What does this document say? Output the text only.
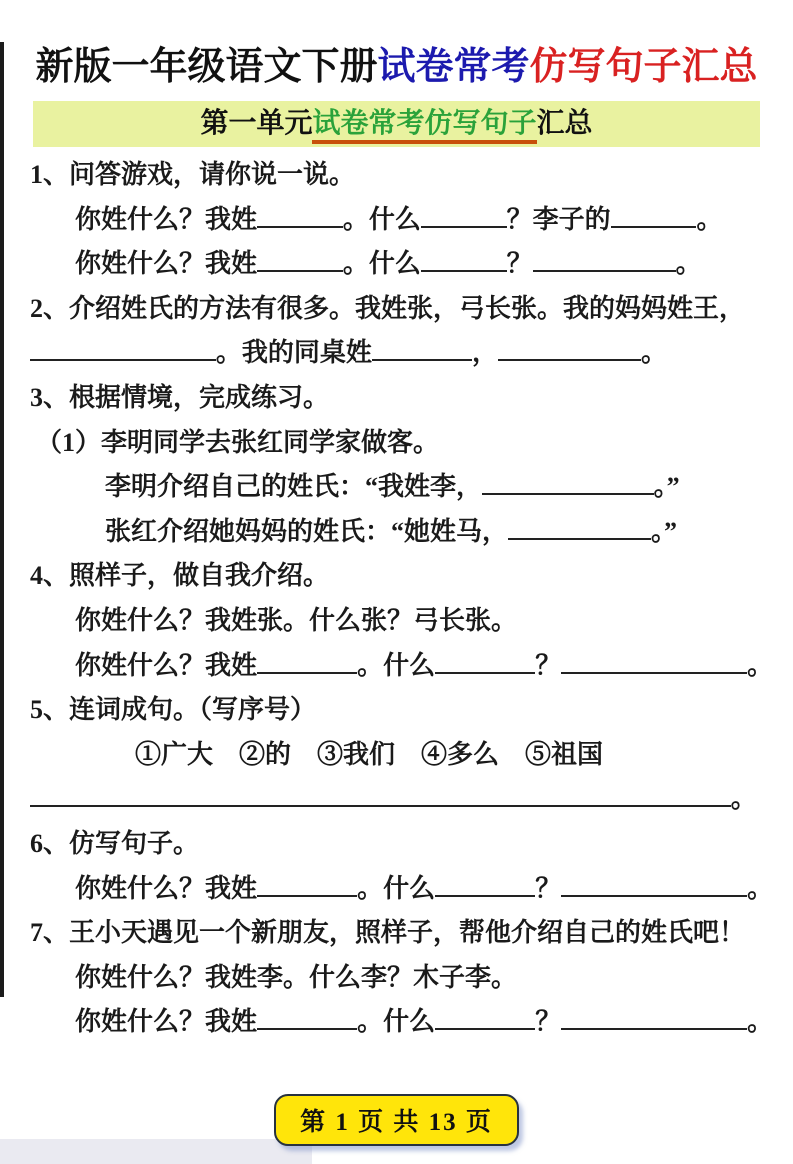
新版一年级语文下册试卷常考仿写句子汇总
第一单元试卷常考仿写句子汇总
1、问答游戏，请你说一说。
你姓什么？我姓	。什么	？李子的	。
你姓什么？我姓	。什么	？	。
2、介绍姓氏的方法有很多。我姓张，弓长张。我的妈妈姓王，
。我的同桌姓	，	。
3、根据情境，完成练习。
（1）李明同学去张红同学家做客。
李明介绍自己的姓氏：“我姓李，	。”
张红介绍她妈妈的姓氏：“她姓马，	。”
4、照样子，做自我介绍。
你姓什么？我姓张。什么张？弓长张。
你姓什么？我姓	。什么	？	。
5、连词成句。（写序号）
①广大　②的　③我们　④多么　⑤祖国
。
6、仿写句子。
你姓什么？我姓	。什么	？	。
7、王小天遇见一个新朋友，照样子，帮他介绍自己的姓氏吧！
你姓什么？我姓李。什么李？木子李。
你姓什么？我姓	。什么	？	。
第 1 页 共 13 页
